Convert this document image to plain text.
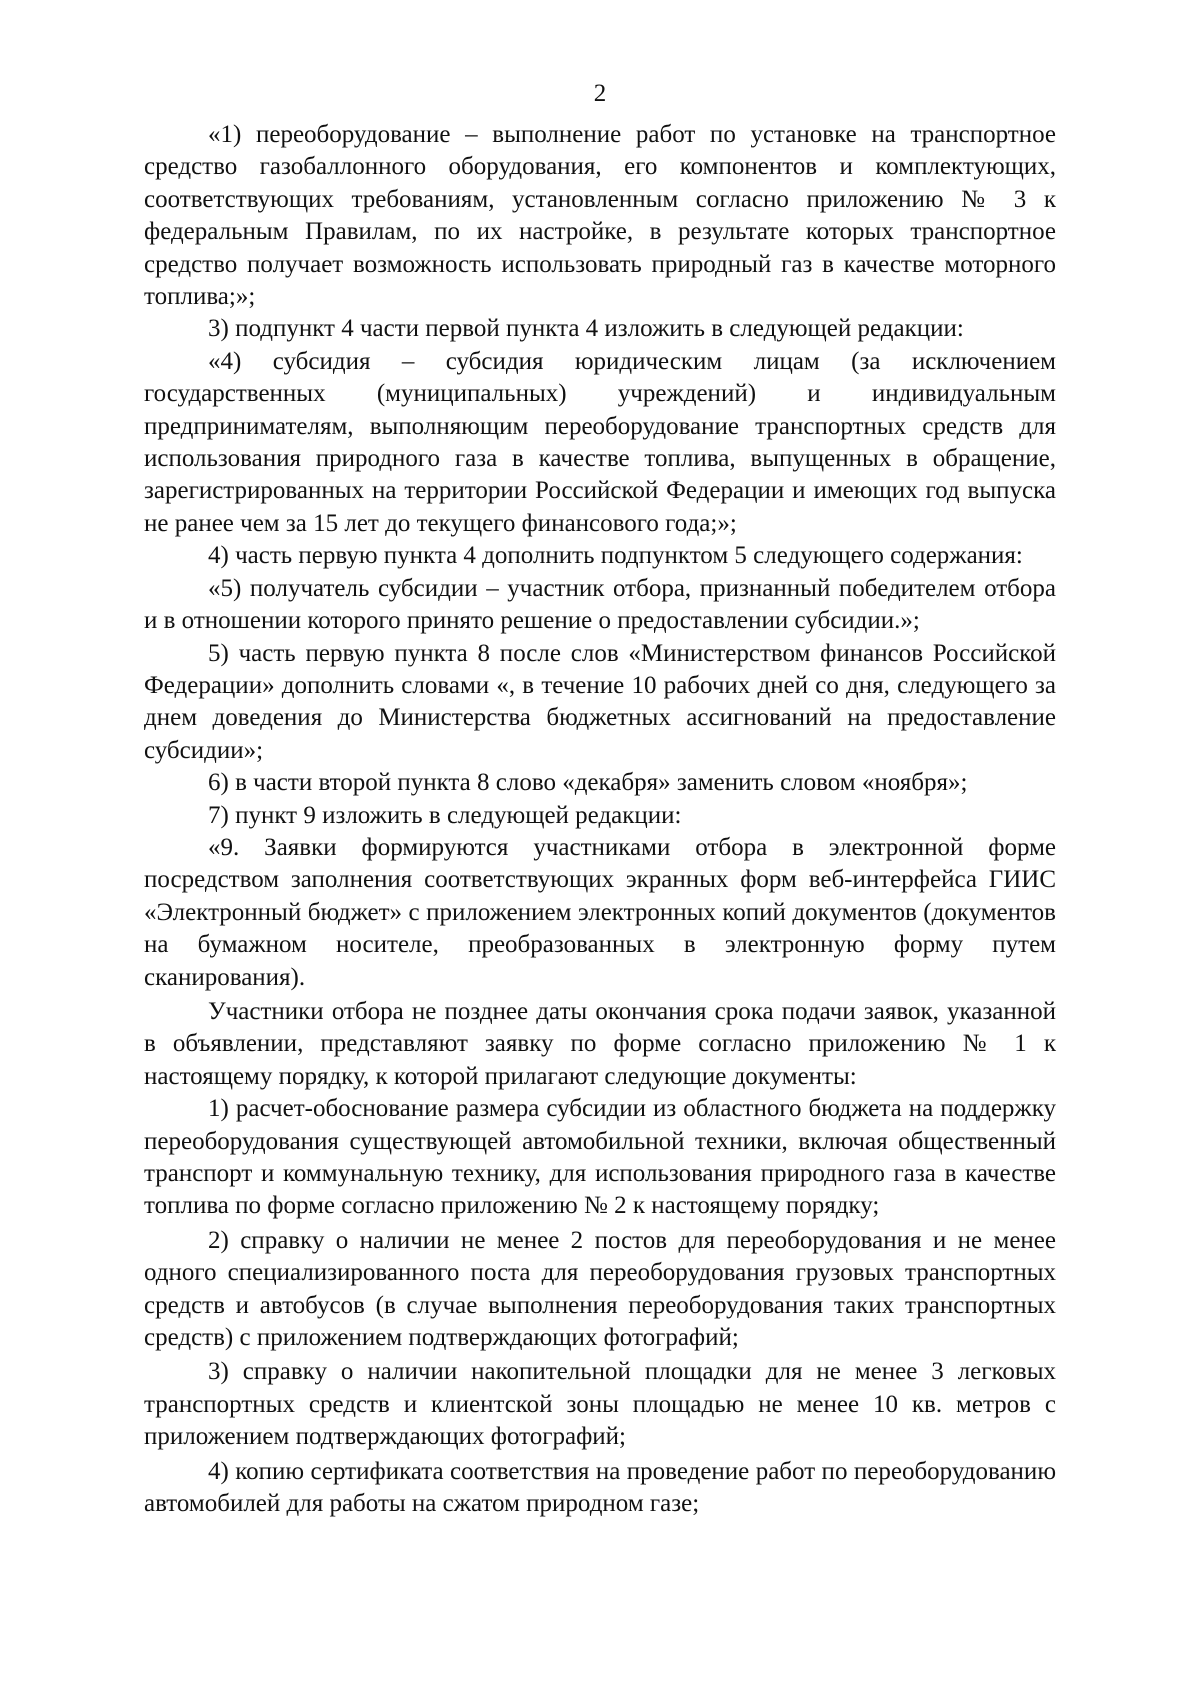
2

«1) переоборудование – выполнение работ по установке на транспортное средство газобаллонного оборудования, его компонентов и комплектующих, соответствующих требованиям, установленным согласно приложению № 3 к федеральным Правилам, по их настройке, в результате которых транспортное средство получает возможность использовать природный газ в качестве моторного топлива;»;

3) подпункт 4 части первой пункта 4 изложить в следующей редакции:

«4) субсидия – субсидия юридическим лицам (за исключением государственных (муниципальных) учреждений) и индивидуальным предпринимателям, выполняющим переоборудование транспортных средств для использования природного газа в качестве топлива, выпущенных в обращение, зарегистрированных на территории Российской Федерации и имеющих год выпуска не ранее чем за 15 лет до текущего финансового года;»;

4) часть первую пункта 4 дополнить подпунктом 5 следующего содержания:

«5) получатель субсидии – участник отбора, признанный победителем отбора и в отношении которого принято решение о предоставлении субсидии.»;

5) часть первую пункта 8 после слов «Министерством финансов Российской Федерации» дополнить словами «, в течение 10 рабочих дней со дня, следующего за днем доведения до Министерства бюджетных ассигнований на предоставление субсидии»;

6) в части второй пункта 8 слово «декабря» заменить словом «ноября»;

7) пункт 9 изложить в следующей редакции:

«9. Заявки формируются участниками отбора в электронной форме посредством заполнения соответствующих экранных форм веб-интерфейса ГИИС «Электронный бюджет» с приложением электронных копий документов (документов на бумажном носителе, преобразованных в электронную форму путем сканирования).

Участники отбора не позднее даты окончания срока подачи заявок, указанной в объявлении, представляют заявку по форме согласно приложению № 1 к настоящему порядку, к которой прилагают следующие документы:

1) расчет-обоснование размера субсидии из областного бюджета на поддержку переоборудования существующей автомобильной техники, включая общественный транспорт и коммунальную технику, для использования природного газа в качестве топлива по форме согласно приложению № 2 к настоящему порядку;

2) справку о наличии не менее 2 постов для переоборудования и не менее одного специализированного поста для переоборудования грузовых транспортных средств и автобусов (в случае выполнения переоборудования таких транспортных средств) с приложением подтверждающих фотографий;

3) справку о наличии накопительной площадки для не менее 3 легковых транспортных средств и клиентской зоны площадью не менее 10 кв. метров с приложением подтверждающих фотографий;

4) копию сертификата соответствия на проведение работ по переоборудованию автомобилей для работы на сжатом природном газе;
